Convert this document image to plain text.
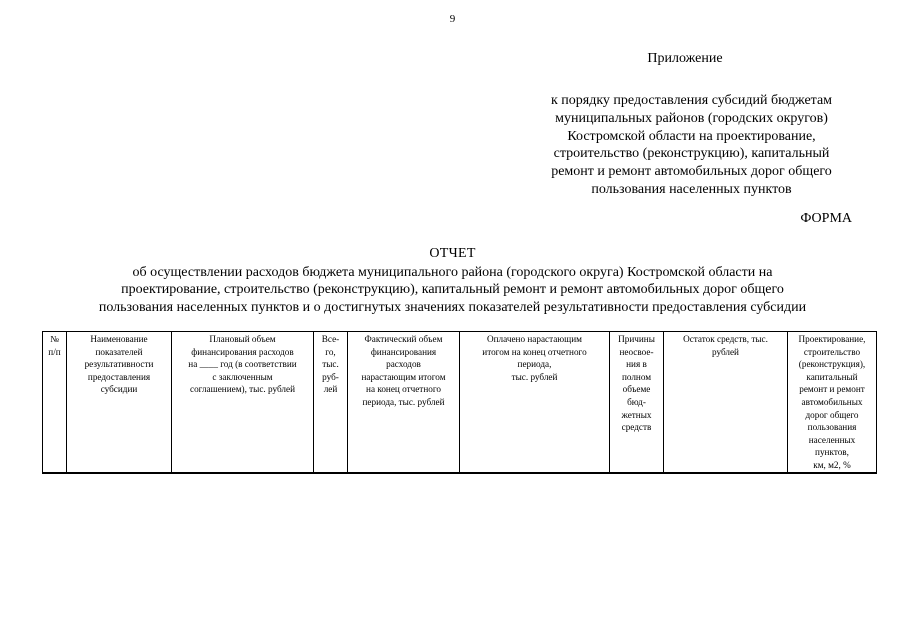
9
Приложение
к порядку предоставления субсидий бюджетам
муниципальных районов (городских округов)
Костромской области на проектирование,
строительство (реконструкцию), капитальный
ремонт и ремонт автомобильных дорог общего
пользования населенных пунктов
ФОРМА
ОТЧЕТ
об осуществлении расходов бюджета муниципального района (городского округа) Костромской области на
проектирование, строительство (реконструкцию), капитальный ремонт и ремонт автомобильных дорог общего
пользования населенных пунктов и о достигнутых значениях показателей результативности предоставления субсидии
№
п/п

Наименование
показателей
результативности
предоставления
субсидии

Плановый объем
финансирования расходов
на ____ год (в соответствии
с заключенным
соглашением), тыс. рублей

Все-
го,
тыс.
руб-
лей

Фактический объем
финансирования
расходов
нарастающим итогом
на конец отчетного
периода, тыс. рублей

Оплачено нарастающим
итогом на конец отчетного
периода,
тыс. рублей

Причины
неосвое-
ния в
полном
объеме
бюд-
жетных
средств

Остаток средств, тыс.
рублей

Проектирование,
строительство
(реконструкция),
капитальный
ремонт и ремонт
автомобильных
дорог общего
пользования
населенных
пунктов,
км, м2, %
